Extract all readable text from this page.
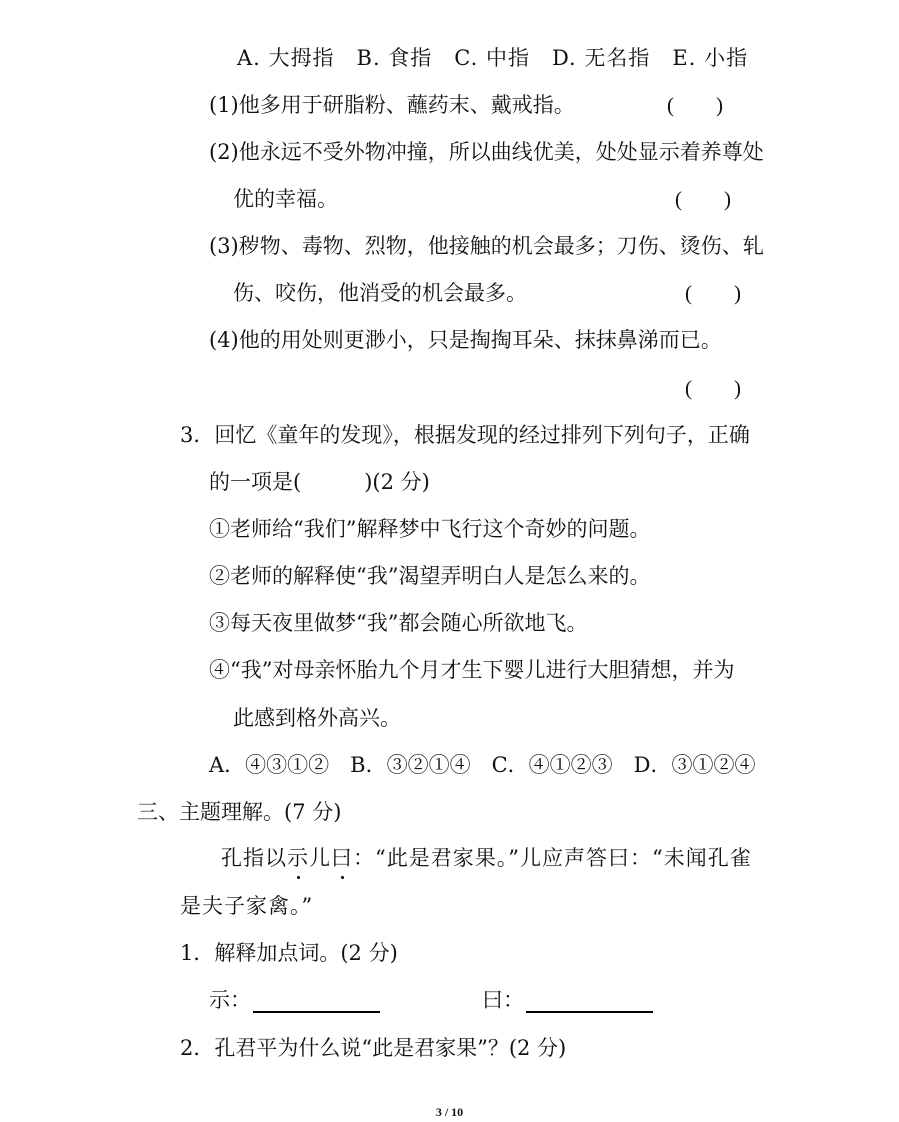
A. 大拇指　B. 食指　C. 中指　D. 无名指　E. 小指
(1)他多用于研脂粉、蘸药末、戴戒指。	(　　)
(2)他永远不受外物冲撞，所以曲线优美，处处显示着养尊处
优的幸福。	(　　)
(3)秽物、毒物、烈物，他接触的机会最多；刀伤、烫伤、轧
伤、咬伤，他消受的机会最多。	(　　)
(4)他的用处则更渺小，只是掏掏耳朵、抹抹鼻涕而已。
(　　)
3．回忆《童年的发现》，根据发现的经过排列下列句子，正确
的一项是(　　　)(2 分)
①老师给“我们”解释梦中飞行这个奇妙的问题。
②老师的解释使“我”渴望弄明白人是怎么来的。
③每天夜里做梦“我”都会随心所欲地飞。
④“我”对母亲怀胎九个月才生下婴儿进行大胆猜想，并为
此感到格外高兴。
A．④③①②　B．③②①④　C．④①②③　D．③①②④
三、主题理解。(7 分)
孔指以示
儿曰
：“此是君家果。”儿应声答曰：“未闻孔雀
是夫子家禽。”
1．解释加点词。(2 分)
示：	曰：
2．孔君平为什么说“此是君家果”？(2 分)
3 / 10
